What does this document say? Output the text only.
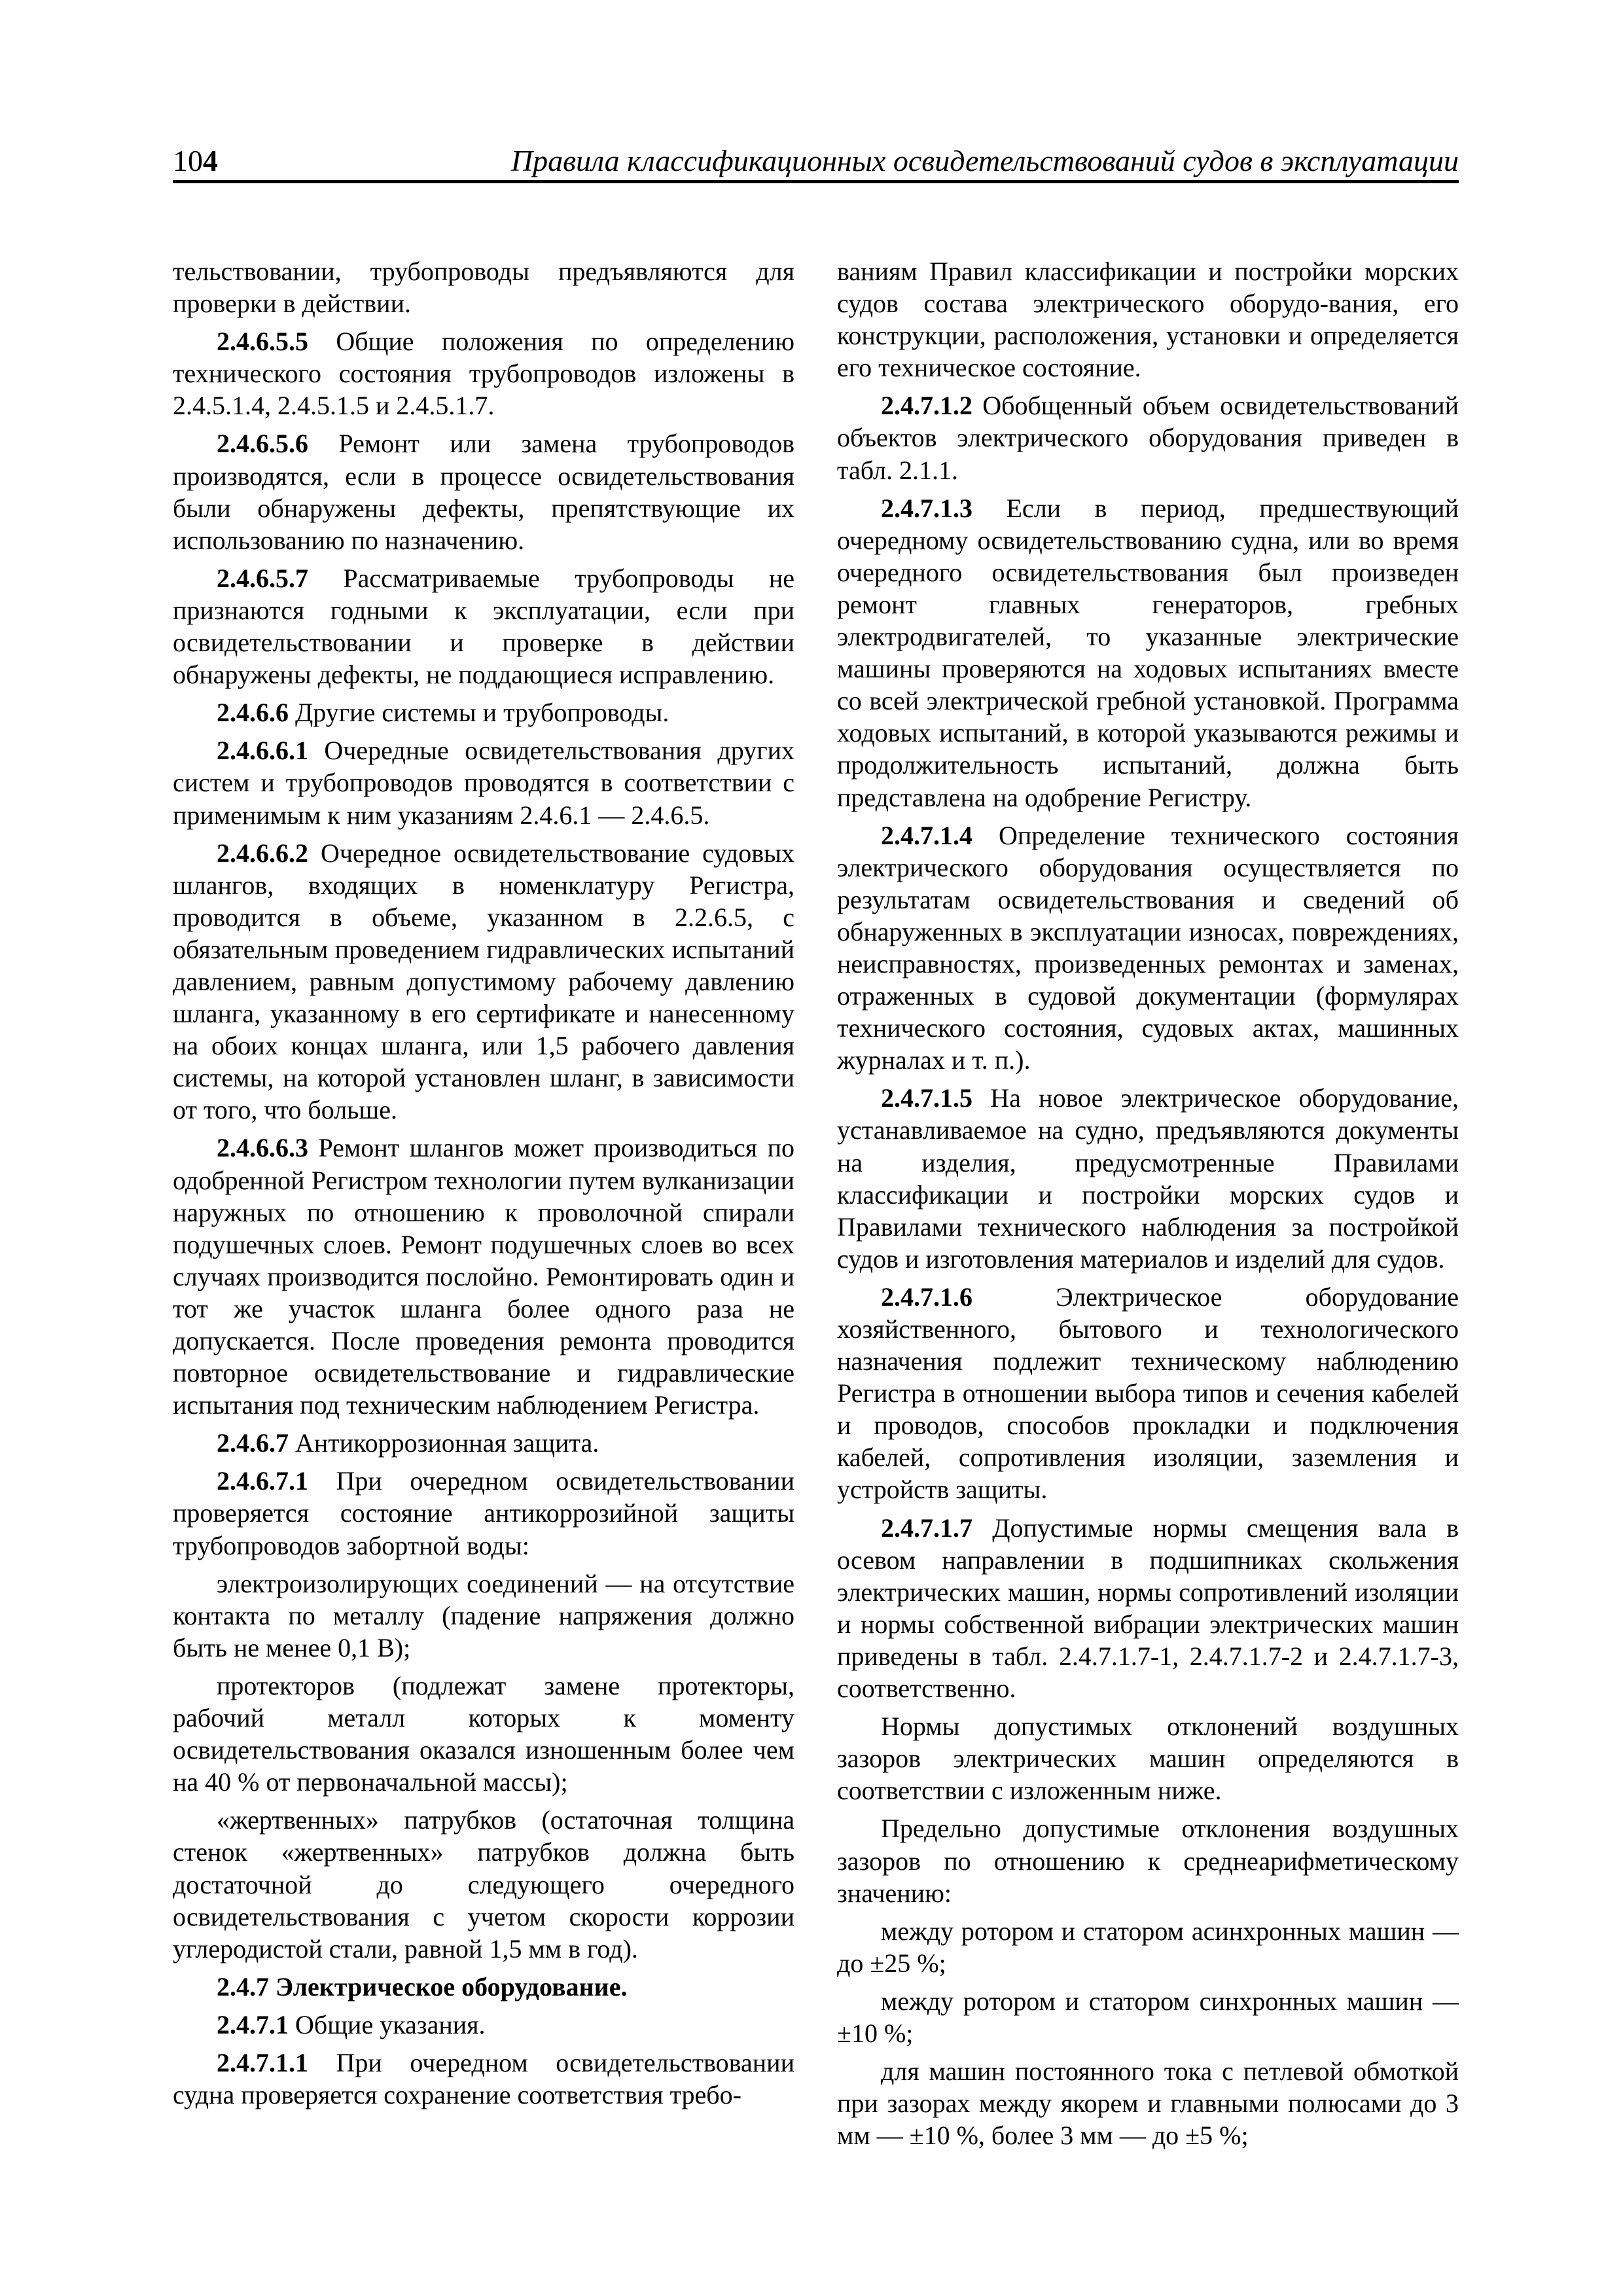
104	Правила классификационных освидетельствований судов в эксплуатации

тельствовании, трубопроводы предъявляются для проверки в действии.

2.4.6.5.5 Общие положения по определению технического состояния трубопроводов изложены в 2.4.5.1.4, 2.4.5.1.5 и 2.4.5.1.7.

2.4.6.5.6 Ремонт или замена трубопроводов производятся, если в процессе освидетельствования были обнаружены дефекты, препятствующие их использованию по назначению.

2.4.6.5.7 Рассматриваемые трубопроводы не признаются годными к эксплуатации, если при освидетельствовании и проверке в действии обнаружены дефекты, не поддающиеся исправлению.

2.4.6.6 Другие системы и трубопроводы.

2.4.6.6.1 Очередные освидетельствования других систем и трубопроводов проводятся в соответствии с применимым к ним указаниям 2.4.6.1 — 2.4.6.5.

2.4.6.6.2 Очередное освидетельствование судовых шлангов, входящих в номенклатуру Регистра, проводится в объеме, указанном в 2.2.6.5, с обязательным проведением гидравлических испытаний давлением, равным допустимому рабочему давлению шланга, указанному в его сертификате и нанесенному на обоих концах шланга, или 1,5 рабочего давления системы, на которой установлен шланг, в зависимости от того, что больше.

2.4.6.6.3 Ремонт шлангов может производиться по одобренной Регистром технологии путем вулканизации наружных по отношению к проволочной спирали подушечных слоев. Ремонт подушечных слоев во всех случаях производится послойно. Ремонтировать один и тот же участок шланга более одного раза не допускается. После проведения ремонта проводится повторное освидетельствование и гидравлические испытания под техническим наблюдением Регистра.

2.4.6.7 Антикоррозионная защита.

2.4.6.7.1 При очередном освидетельствовании проверяется состояние антикоррозийной защиты трубопроводов забортной воды:

электроизолирующих соединений — на отсутствие контакта по металлу (падение напряжения должно быть не менее 0,1 В);

протекторов (подлежат замене протекторы, рабочий металл которых к моменту освидетельствования оказался изношенным более чем на 40 % от первоначальной массы);

«жертвенных» патрубков (остаточная толщина стенок «жертвенных» патрубков должна быть достаточной до следующего очередного освидетельствования с учетом скорости коррозии углеродистой стали, равной 1,5 мм в год).

2.4.7 Электрическое оборудование.

2.4.7.1 Общие указания.

2.4.7.1.1 При очередном освидетельствовании судна проверяется сохранение соответствия требо-

ваниям Правил классификации и постройки морских судов состава электрического оборудо-вания, его конструкции, расположения, установки и определяется его техническое состояние.

2.4.7.1.2 Обобщенный объем освидетельствований объектов электрического оборудования приведен в табл. 2.1.1.

2.4.7.1.3 Если в период, предшествующий очередному освидетельствованию судна, или во время очередного освидетельствования был произведен ремонт главных генераторов, гребных электродвигателей, то указанные электрические машины проверяются на ходовых испытаниях вместе со всей электрической гребной установкой. Программа ходовых испытаний, в которой указываются режимы и продолжительность испытаний, должна быть представлена на одобрение Регистру.

2.4.7.1.4 Определение технического состояния электрического оборудования осуществляется по результатам освидетельствования и сведений об обнаруженных в эксплуатации износах, повреждениях, неисправностях, произведенных ремонтах и заменах, отраженных в судовой документации (формулярах технического состояния, судовых актах, машинных журналах и т. п.).

2.4.7.1.5 На новое электрическое оборудование, устанавливаемое на судно, предъявляются документы на изделия, предусмотренные Правилами классификации и постройки морских судов и Правилами технического наблюдения за постройкой судов и изготовления материалов и изделий для судов.

2.4.7.1.6 Электрическое оборудование хозяйственного, бытового и технологического назначения подлежит техническому наблюдению Регистра в отношении выбора типов и сечения кабелей и проводов, способов прокладки и подключения кабелей, сопротивления изоляции, заземления и устройств защиты.

2.4.7.1.7 Допустимые нормы смещения вала в осевом направлении в подшипниках скольжения электрических машин, нормы сопротивлений изоляции и нормы собственной вибрации электрических машин приведены в табл. 2.4.7.1.7-1, 2.4.7.1.7-2 и 2.4.7.1.7-3, соответственно.

Нормы допустимых отклонений воздушных зазоров электрических машин определяются в соответствии с изложенным ниже.

Предельно допустимые отклонения воздушных зазоров по отношению к среднеарифметическому значению:

между ротором и статором асинхронных машин — до ±25 %;

между ротором и статором синхронных машин — ±10 %;

для машин постоянного тока с петлевой обмоткой при зазорах между якорем и главными полюсами до 3 мм — ±10 %, более 3 мм — до ±5 %;
